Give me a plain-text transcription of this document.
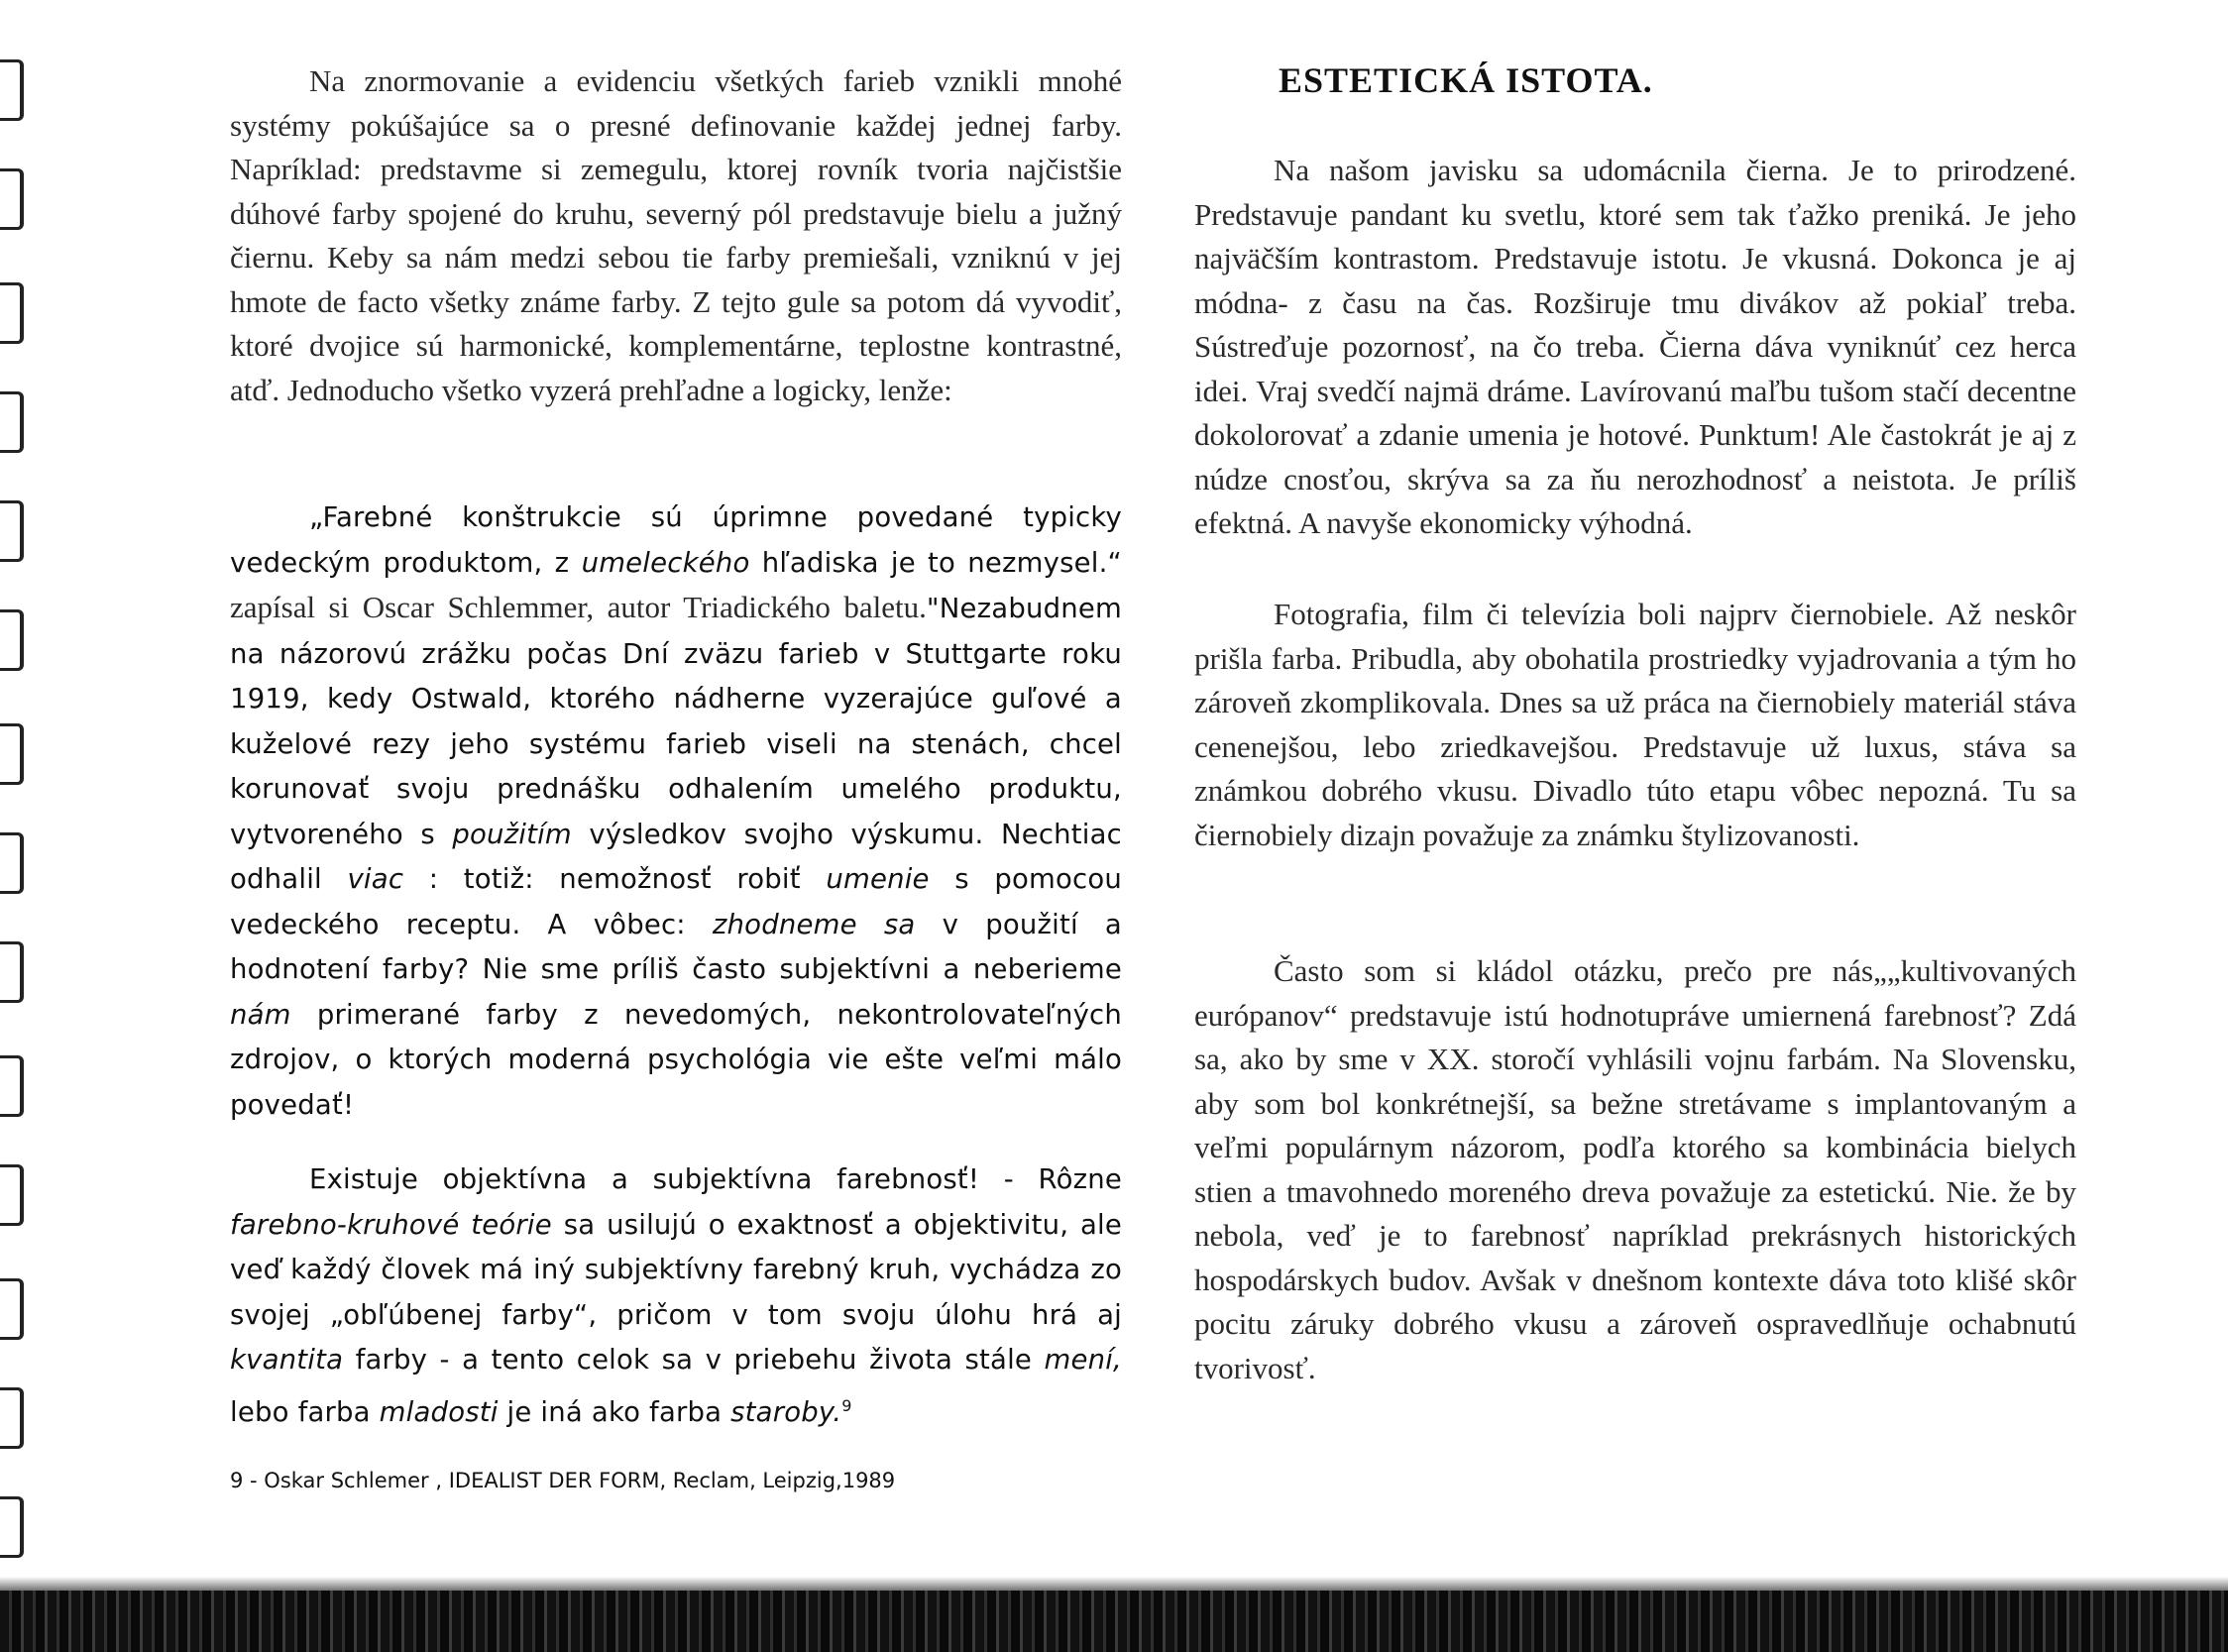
Na znormovanie a evidenciu všetkých farieb vznikli mnohé systémy pokúšajúce sa o presné definovanie každej jednej farby. Napríklad: predstavme si zemegulu, ktorej rovník tvoria najčistšie dúhové farby spojené do kruhu, severný pól predstavuje bielu a južný čiernu. Keby sa nám medzi sebou tie farby premiešali, vzniknú v jej hmote de facto všetky známe farby. Z tejto gule sa potom dá vyvodiť, ktoré dvojice sú harmonické, komplementárne, teplostne kontrastné, atď. Jednoducho všetko vyzerá prehľadne a logicky, lenže:

„Farebné konštrukcie sú úprimne povedané typicky vedeckým produktom, z umeleckého hľadiska je to nezmysel.“ zapísal si Oscar Schlemmer, autor Triadického baletu."Nezabudnem na názorovú zrážku počas Dní zväzu farieb v Stuttgarte roku 1919, kedy Ostwald, ktorého nádherne vyzerajúce guľové a kuželové rezy jeho systému farieb viseli na stenách, chcel korunovať svoju prednášku odhalením umelého produktu, vytvoreného s použitím výsledkov svojho výskumu. Nechtiac odhalil viac : totiž: nemožnosť robiť umenie s pomocou vedeckého receptu. A vôbec: zhodneme sa v použití a hodnotení farby? Nie sme príliš často subjektívni a neberieme nám primerané farby z nevedomých, nekontrolovateľných zdrojov, o ktorých moderná psychológia vie ešte veľmi málo povedať!

Existuje objektívna a subjektívna farebnosť! - Rôzne farebno-kruhové teórie sa usilujú o exaktnosť a objektivitu, ale veď každý človek má iný subjektívny farebný kruh, vychádza zo svojej „obľúbenej farby“, pričom v tom svoju úlohu hrá aj kvantita farby - a tento celok sa v priebehu života stále mení, lebo farba mladosti je iná ako farba staroby.$^9$

9 - Oskar Schlemer , IDEALIST DER FORM, Reclam, Leipzig,1989
ESTETICKÁ ISTOTA.

Na našom javisku sa udomácnila čierna. Je to prirodzené. Predstavuje pandant ku svetlu, ktoré sem tak ťažko preniká. Je jeho najväčším kontrastom. Predstavuje istotu. Je vkusná. Dokonca je aj módna- z času na čas. Rozširuje tmu divákov až pokiaľ treba. Sústreďuje pozornosť, na čo treba. Čierna dáva vyniknúť cez herca idei. Vraj svedčí najmä dráme. Lavírovanú maľbu tušom stačí decentne dokolorovať a zdanie umenia je hotové. Punktum! Ale častokrát je aj z núdze cnosťou, skrýva sa za ňu nerozhodnosť a neistota. Je príliš efektná. A navyše ekonomicky výhodná.

Fotografia, film či televízia boli najprv čiernobiele. Až neskôr prišla farba. Pribudla, aby obohatila prostriedky vyjadrovania a tým ho zároveň zkomplikovala. Dnes sa už práca na čiernobiely materiál stáva cenenejšou, lebo zriedkavejšou. Predstavuje už luxus, stáva sa známkou dobrého vkusu. Divadlo túto etapu vôbec nepozná. Tu sa čiernobiely dizajn považuje za známku štylizovanosti.

Často som si kládol otázku, prečo pre nás„„kultivovaných európanov“ predstavuje istú hodnotupráve umiernená farebnosť? Zdá sa, ako by sme v XX. storočí vyhlásili vojnu farbám. Na Slovensku, aby som bol konkrétnejší, sa bežne stretávame s implantovaným a veľmi populárnym názorom, podľa ktorého sa kombinácia bielych stien a tmavohnedo moreného dreva považuje za estetickú. Nie. že by nebola, veď je to farebnosť napríklad prekrásnych historických hospodárskych budov. Avšak v dnešnom kontexte dáva toto klišé skôr pocitu záruky dobrého vkusu a zároveň ospravedlňuje ochabnutú tvorivosť.
